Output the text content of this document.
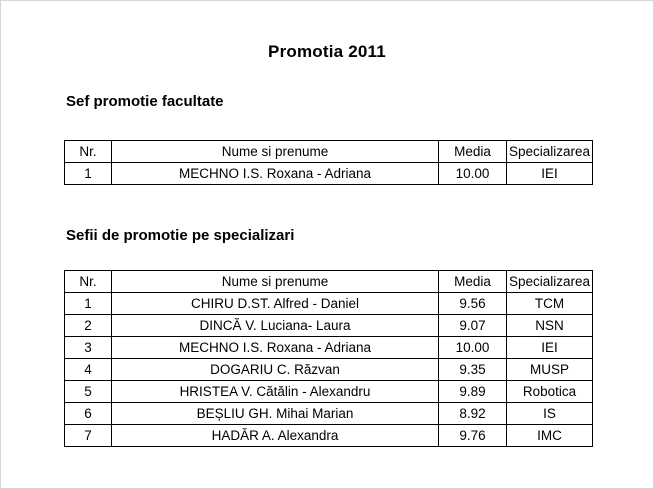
Promotia 2011
Sef promotie facultate
Nr.	Nume si prenume	Media	Specializarea
1	MECHNO I.S. Roxana - Adriana	10.00	IEI
Sefii de promotie pe specializari
Nr.	Nume si prenume	Media	Specializarea
1	CHIRU D.ST. Alfred - Daniel	9.56	TCM
2	DINCĂ V. Luciana- Laura	9.07	NSN
3	MECHNO I.S. Roxana - Adriana	10.00	IEI
4	DOGARIU C. Răzvan	9.35	MUSP
5	HRISTEA V. Cătălin - Alexandru	9.89	Robotica
6	BEȘLIU GH. Mihai Marian	8.92	IS
7	HADĂR A. Alexandra	9.76	IMC
